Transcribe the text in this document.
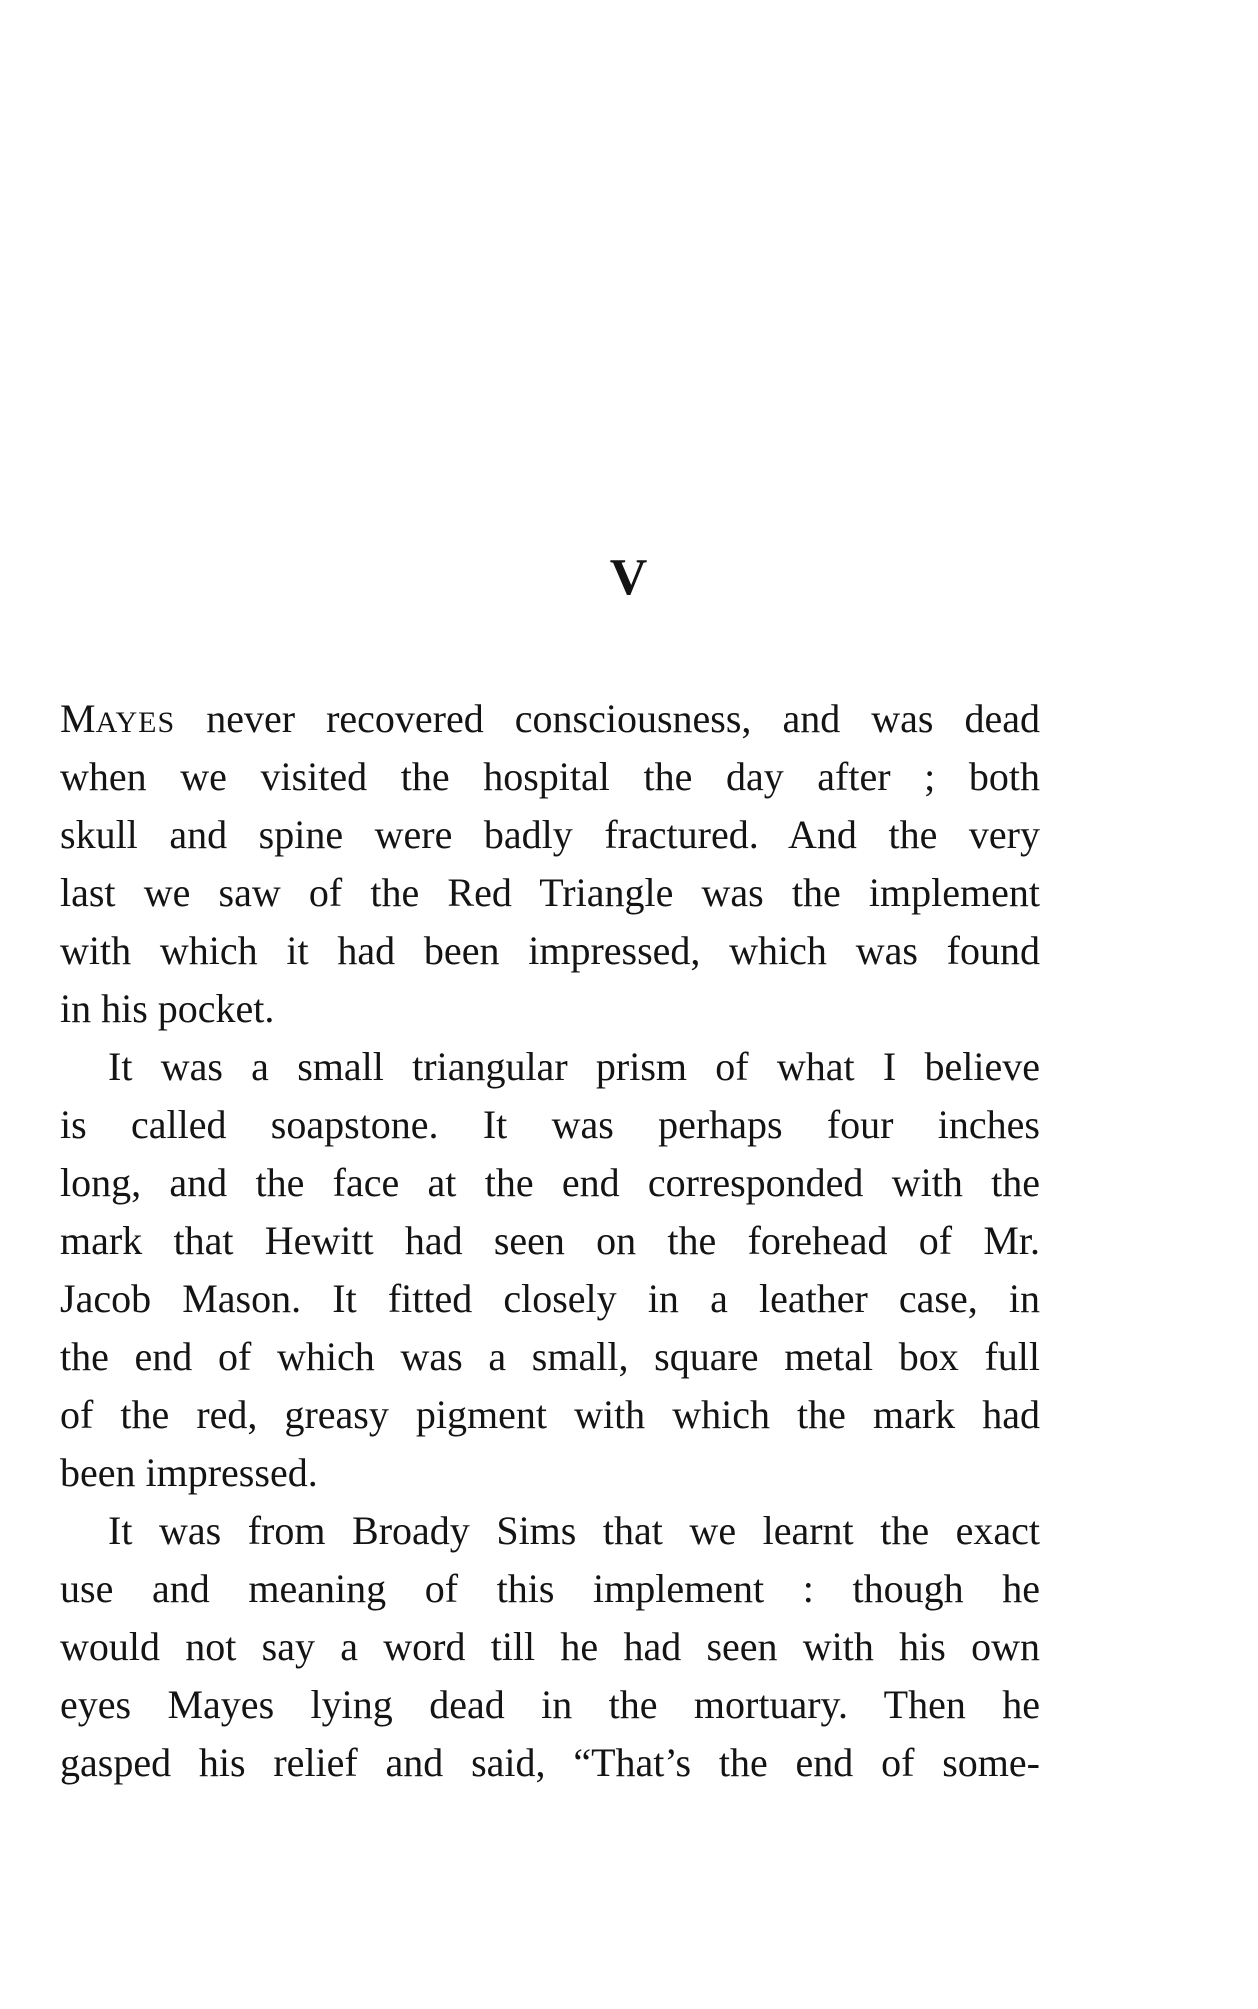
V
MAYES never recovered consciousness, and was dead
when we visited the hospital the day after ; both
skull and spine were badly fractured. And the very
last we saw of the Red Triangle was the implement
with which it had been impressed, which was found
in his pocket.
It was a small triangular prism of what I believe
is called soapstone. It was perhaps four inches
long, and the face at the end corresponded with the
mark that Hewitt had seen on the forehead of Mr.
Jacob Mason. It fitted closely in a leather case, in
the end of which was a small, square metal box full
of the red, greasy pigment with which the mark had
been impressed.
It was from Broady Sims that we learnt the exact
use and meaning of this implement : though he
would not say a word till he had seen with his own
eyes Mayes lying dead in the mortuary. Then he
gasped his relief and said, “That’s the end of some-
